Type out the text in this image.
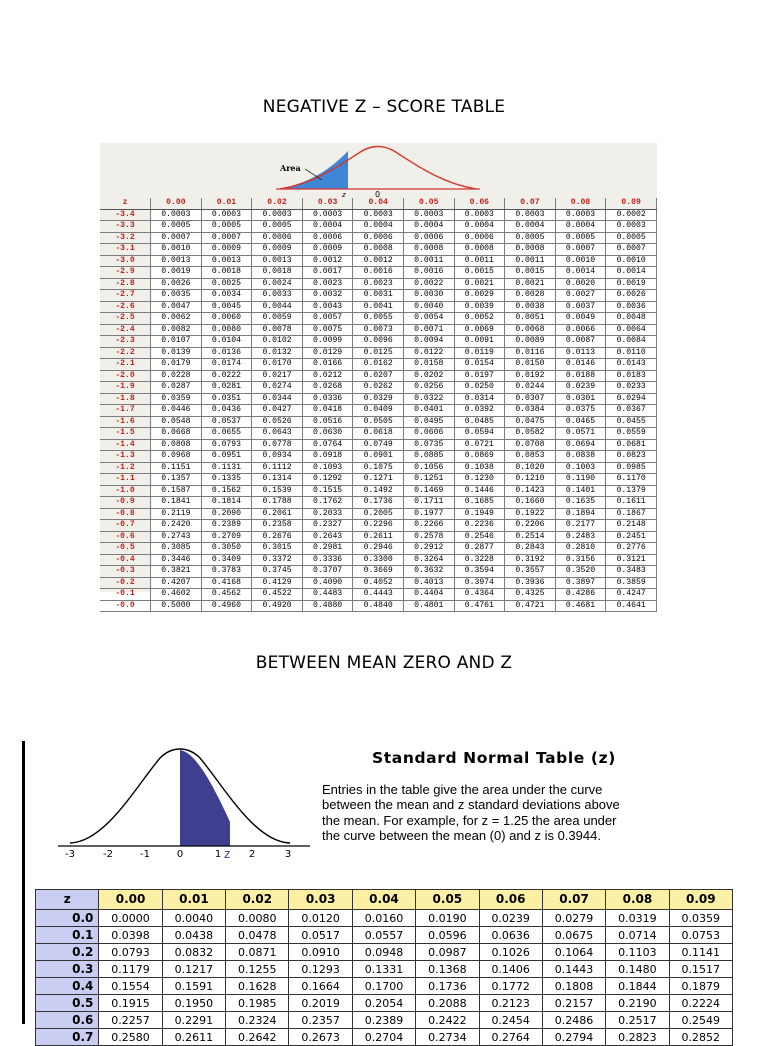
NEGATIVE Z – SCORE TABLE
Area
z	0
z	0.00	0.01	0.02	0.03	0.04	0.05	0.06	0.07	0.08	0.09
-3.4	0.0003	0.0003	0.0003	0.0003	0.0003	0.0003	0.0003	0.0003	0.0003	0.0002
-3.3	0.0005	0.0005	0.0005	0.0004	0.0004	0.0004	0.0004	0.0004	0.0004	0.0003
-3.2	0.0007	0.0007	0.0006	0.0006	0.0006	0.0006	0.0006	0.0005	0.0005	0.0005
-3.1	0.0010	0.0009	0.0009	0.0009	0.0008	0.0008	0.0008	0.0008	0.0007	0.0007
-3.0	0.0013	0.0013	0.0013	0.0012	0.0012	0.0011	0.0011	0.0011	0.0010	0.0010
-2.9	0.0019	0.0018	0.0018	0.0017	0.0016	0.0016	0.0015	0.0015	0.0014	0.0014
-2.8	0.0026	0.0025	0.0024	0.0023	0.0023	0.0022	0.0021	0.0021	0.0020	0.0019
-2.7	0.0035	0.0034	0.0033	0.0032	0.0031	0.0030	0.0029	0.0028	0.0027	0.0026
-2.6	0.0047	0.0045	0.0044	0.0043	0.0041	0.0040	0.0039	0.0038	0.0037	0.0036
-2.5	0.0062	0.0060	0.0059	0.0057	0.0055	0.0054	0.0052	0.0051	0.0049	0.0048
-2.4	0.0082	0.0080	0.0078	0.0075	0.0073	0.0071	0.0069	0.0068	0.0066	0.0064
-2.3	0.0107	0.0104	0.0102	0.0099	0.0096	0.0094	0.0091	0.0089	0.0087	0.0084
-2.2	0.0139	0.0136	0.0132	0.0129	0.0125	0.0122	0.0119	0.0116	0.0113	0.0110
-2.1	0.0179	0.0174	0.0170	0.0166	0.0162	0.0158	0.0154	0.0150	0.0146	0.0143
-2.0	0.0228	0.0222	0.0217	0.0212	0.0207	0.0202	0.0197	0.0192	0.0188	0.0183
-1.9	0.0287	0.0281	0.0274	0.0268	0.0262	0.0256	0.0250	0.0244	0.0239	0.0233
-1.8	0.0359	0.0351	0.0344	0.0336	0.0329	0.0322	0.0314	0.0307	0.0301	0.0294
-1.7	0.0446	0.0436	0.0427	0.0418	0.0409	0.0401	0.0392	0.0384	0.0375	0.0367
-1.6	0.0548	0.0537	0.0526	0.0516	0.0505	0.0495	0.0485	0.0475	0.0465	0.0455
-1.5	0.0668	0.0655	0.0643	0.0630	0.0618	0.0606	0.0594	0.0582	0.0571	0.0559
-1.4	0.0808	0.0793	0.0778	0.0764	0.0749	0.0735	0.0721	0.0708	0.0694	0.0681
-1.3	0.0968	0.0951	0.0934	0.0918	0.0901	0.0885	0.0869	0.0853	0.0838	0.0823
-1.2	0.1151	0.1131	0.1112	0.1093	0.1075	0.1056	0.1038	0.1020	0.1003	0.0985
-1.1	0.1357	0.1335	0.1314	0.1292	0.1271	0.1251	0.1230	0.1210	0.1190	0.1170
-1.0	0.1587	0.1562	0.1539	0.1515	0.1492	0.1469	0.1446	0.1423	0.1401	0.1379
-0.9	0.1841	0.1814	0.1788	0.1762	0.1736	0.1711	0.1685	0.1660	0.1635	0.1611
-0.8	0.2119	0.2090	0.2061	0.2033	0.2005	0.1977	0.1949	0.1922	0.1894	0.1867
-0.7	0.2420	0.2389	0.2358	0.2327	0.2296	0.2266	0.2236	0.2206	0.2177	0.2148
-0.6	0.2743	0.2709	0.2676	0.2643	0.2611	0.2578	0.2546	0.2514	0.2483	0.2451
-0.5	0.3085	0.3050	0.3015	0.2981	0.2946	0.2912	0.2877	0.2843	0.2810	0.2776
-0.4	0.3446	0.3409	0.3372	0.3336	0.3300	0.3264	0.3228	0.3192	0.3156	0.3121
-0.3	0.3821	0.3783	0.3745	0.3707	0.3669	0.3632	0.3594	0.3557	0.3520	0.3483
-0.2	0.4207	0.4168	0.4129	0.4090	0.4052	0.4013	0.3974	0.3936	0.3897	0.3859
-0.1	0.4602	0.4562	0.4522	0.4483	0.4443	0.4404	0.4364	0.4325	0.4286	0.4247
-0.0	0.5000	0.4960	0.4920	0.4880	0.4840	0.4801	0.4761	0.4721	0.4681	0.4641
BETWEEN MEAN ZERO AND Z
-3	-2	-1	0	1	2	3
z
Standard Normal Table (z)
Entries in the table give the area under the curve
between the mean and z standard deviations above
the mean. For example, for z = 1.25 the area under
the curve between the mean (0) and z is 0.3944.
z	0.00	0.01	0.02	0.03	0.04	0.05	0.06	0.07	0.08	0.09
0.0	0.0000	0.0040	0.0080	0.0120	0.0160	0.0190	0.0239	0.0279	0.0319	0.0359
0.1	0.0398	0.0438	0.0478	0.0517	0.0557	0.0596	0.0636	0.0675	0.0714	0.0753
0.2	0.0793	0.0832	0.0871	0.0910	0.0948	0.0987	0.1026	0.1064	0.1103	0.1141
0.3	0.1179	0.1217	0.1255	0.1293	0.1331	0.1368	0.1406	0.1443	0.1480	0.1517
0.4	0.1554	0.1591	0.1628	0.1664	0.1700	0.1736	0.1772	0.1808	0.1844	0.1879
0.5	0.1915	0.1950	0.1985	0.2019	0.2054	0.2088	0.2123	0.2157	0.2190	0.2224
0.6	0.2257	0.2291	0.2324	0.2357	0.2389	0.2422	0.2454	0.2486	0.2517	0.2549
0.7	0.2580	0.2611	0.2642	0.2673	0.2704	0.2734	0.2764	0.2794	0.2823	0.2852
